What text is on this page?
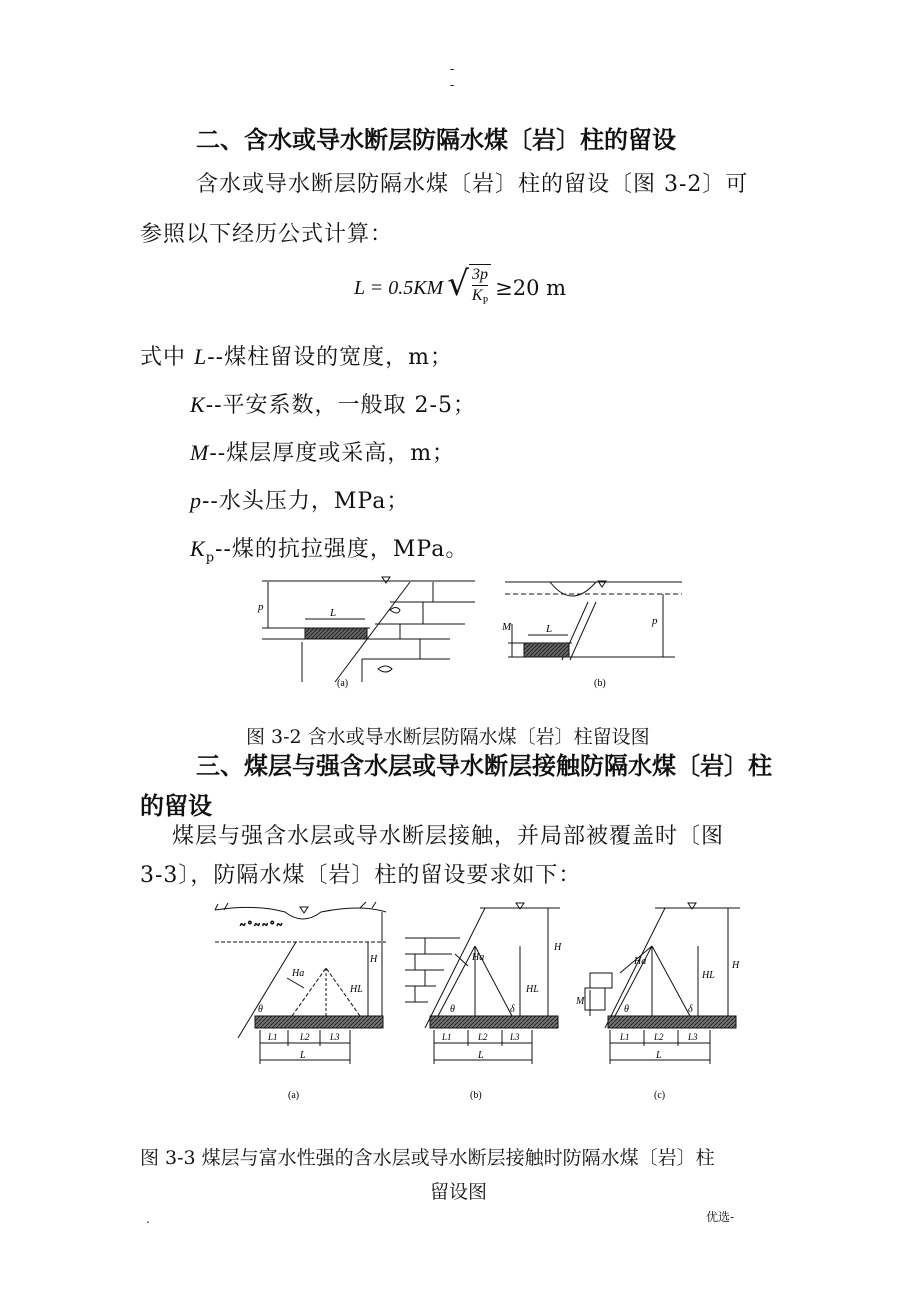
-
-
二、含水或导水断层防隔水煤〔岩〕柱的留设

含水或导水断层防隔水煤〔岩〕柱的留设〔图 3-2〕可

参照以下经历公式计算：

L = 0.5KM √ $\frac{3p}{K_P} \ge 20$ m

式中 L--煤柱留设的宽度，m；

K--平安系数，一般取 2-5；

M--煤层厚度或采高，m；

p--水头压力，MPa；

$K_p--$煤的抗拉强度，MPa。

p	L
(a)
M	L
p
(b)

图 3-2 含水或导水断层防隔水煤〔岩〕柱留设图

三、煤层与强含水层或导水断层接触防隔水煤〔岩〕柱
的留设

煤层与强含水层或导水断层接触，并局部被覆盖时〔图

3-3〕，防隔水煤〔岩〕柱的留设要求如下：

~ ° ~ ~ ° ~
Ha
HL
H
θ
L1 L2 L3
L
(a)
Ha
HL
H
θ	δ
L1	L2 L3
L
(b)
Ha
HL
H
M
θ	δ
L1	L2	L3
L
(c)

图 3-3 煤层与富水性强的含水层或导水断层接触时防隔水煤〔岩〕柱

留设图

.	优选-
